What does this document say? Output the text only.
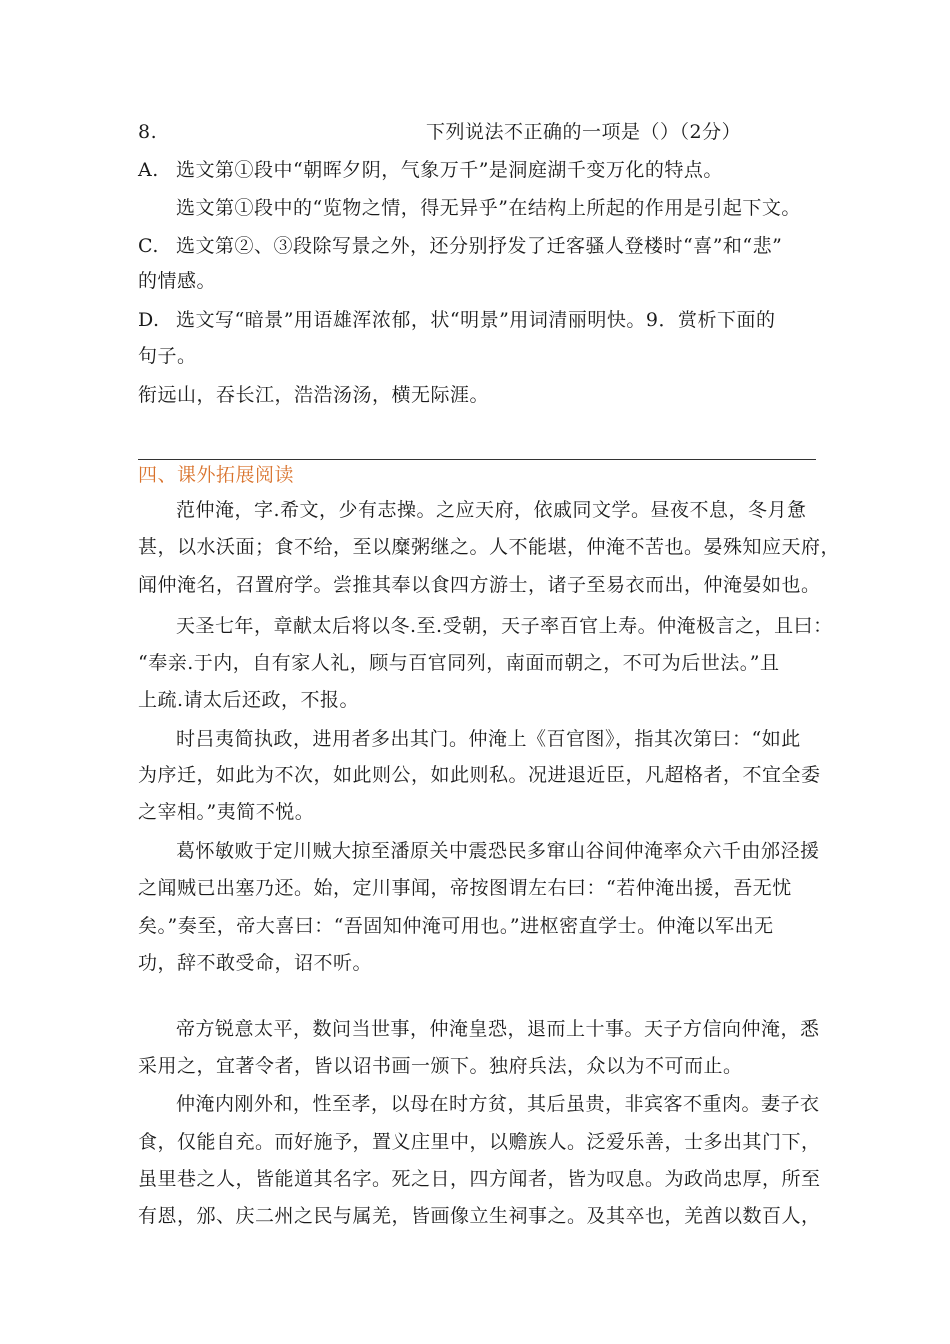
8.	下列说法不正确的一项是（）（2分）
A. 选文第①段中“朝晖夕阴，气象万千”是洞庭湖千变万化的特点。
选文第①段中的“览物之情，得无异乎”在结构上所起的作用是引起下文。
C. 选文第②、③段除写景之外，还分别抒发了迁客骚人登楼时“喜”和“悲”
的情感。
D. 选文写“暗景”用语雄浑浓郁，状“明景”用词清丽明快。9．赏析下面的
句子。
衔远山，吞长江，浩浩汤汤，横无际涯。
四、课外拓展阅读
范仲淹，字.希文，少有志操。之应天府，依戚同文学。昼夜不息，冬月惫
甚，以水沃面；食不给，至以糜粥继之。人不能堪，仲淹不苦也。晏殊知应天府，
闻仲淹名，召置府学。尝推其奉以食四方游士，诸子至易衣而出，仲淹晏如也。
天圣七年，章献太后将以冬.至.受朝，天子率百官上寿。仲淹极言之，且曰：
“奉亲.于内，自有家人礼，顾与百官同列，南面而朝之，不可为后世法。”且
上疏.请太后还政，不报。
时吕夷简执政，进用者多出其门。仲淹上《百官图》，指其次第曰：“如此
为序迁，如此为不次，如此则公，如此则私。况进退近臣，凡超格者，不宜全委
之宰相。”夷简不悦。
葛怀敏败于定川贼大掠至潘原关中震恐民多窜山谷间仲淹率众六千由邠泾援
之闻贼已出塞乃还。始，定川事闻，帝按图谓左右曰：“若仲淹出援，吾无忧
矣。”奏至，帝大喜曰：“吾固知仲淹可用也。”进枢密直学士。仲淹以军出无
功，辞不敢受命，诏不听。
帝方锐意太平，数问当世事，仲淹皇恐，退而上十事。天子方信向仲淹，悉
采用之，宜著令者，皆以诏书画一颁下。独府兵法，众以为不可而止。
仲淹内刚外和，性至孝，以母在时方贫，其后虽贵，非宾客不重肉。妻子衣
食，仅能自充。而好施予，置义庄里中，以赡族人。泛爱乐善，士多出其门下，
虽里巷之人，皆能道其名字。死之日，四方闻者，皆为叹息。为政尚忠厚，所至
有恩，邠、庆二州之民与属羌，皆画像立生祠事之。及其卒也，羌酋以数百人，
